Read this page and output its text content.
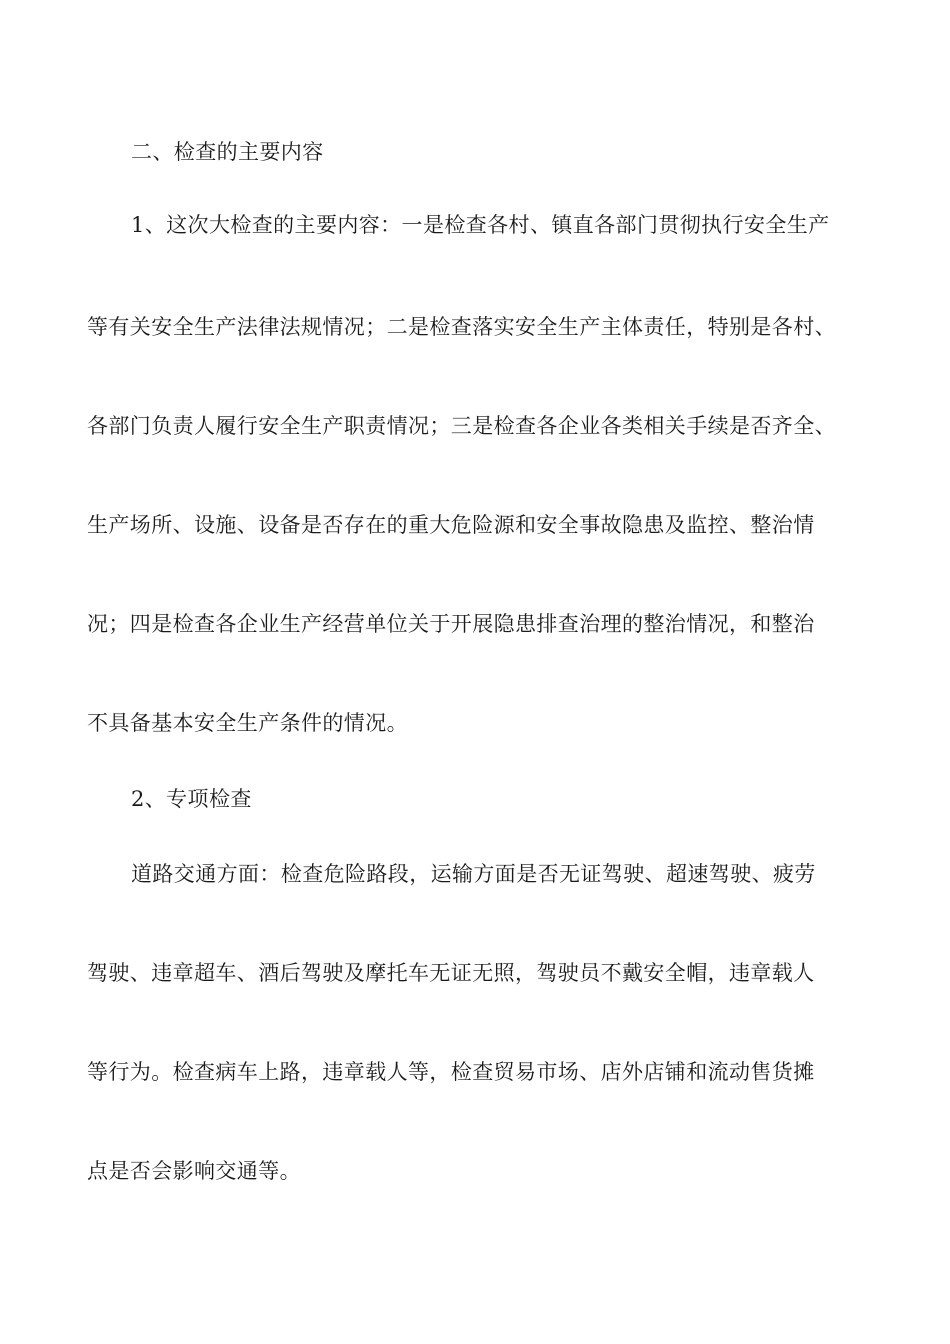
二、检查的主要内容
1、这次大检查的主要内容：一是检查各村、镇直各部门贯彻执行安全生产
等有关安全生产法律法规情况；二是检查落实安全生产主体责任，特别是各村、
各部门负责人履行安全生产职责情况；三是检查各企业各类相关手续是否齐全、
生产场所、设施、设备是否存在的重大危险源和安全事故隐患及监控、整治情
况；四是检查各企业生产经营单位关于开展隐患排查治理的整治情况，和整治
不具备基本安全生产条件的情况。
2、专项检查
道路交通方面：检查危险路段，运输方面是否无证驾驶、超速驾驶、疲劳
驾驶、违章超车、酒后驾驶及摩托车无证无照，驾驶员不戴安全帽，违章载人
等行为。检查病车上路，违章载人等，检查贸易市场、店外店铺和流动售货摊
点是否会影响交通等。
